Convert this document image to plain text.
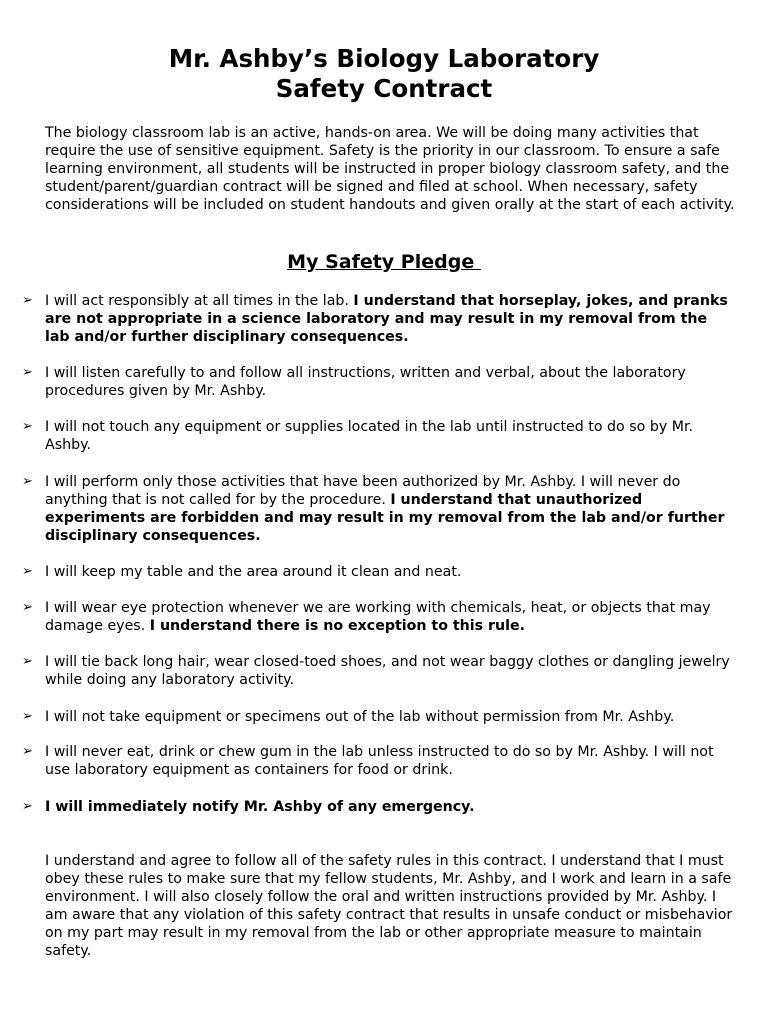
Mr. Ashby’s Biology Laboratory
Safety Contract
The biology classroom lab is an active, hands-on area. We will be doing many activities that require the use of sensitive equipment. Safety is the priority in our classroom. To ensure a safe learning environment, all students will be instructed in proper biology classroom safety, and the student/parent/guardian contract will be signed and filed at school. When necessary, safety considerations will be included on student handouts and given orally at the start of each activity.
My Safety Pledge
➢ I will act responsibly at all times in the lab. I understand that horseplay, jokes, and pranks are not appropriate in a science laboratory and may result in my removal from the lab and/or further disciplinary consequences.
➢ I will listen carefully to and follow all instructions, written and verbal, about the laboratory procedures given by Mr. Ashby.
➢ I will not touch any equipment or supplies located in the lab until instructed to do so by Mr. Ashby.
➢ I will perform only those activities that have been authorized by Mr. Ashby. I will never do anything that is not called for by the procedure. I understand that unauthorized experiments are forbidden and may result in my removal from the lab and/or further disciplinary consequences.
➢ I will keep my table and the area around it clean and neat.
➢ I will wear eye protection whenever we are working with chemicals, heat, or objects that may damage eyes. I understand there is no exception to this rule.
➢ I will tie back long hair, wear closed-toed shoes, and not wear baggy clothes or dangling jewelry while doing any laboratory activity.
➢ I will not take equipment or specimens out of the lab without permission from Mr. Ashby.
➢ I will never eat, drink or chew gum in the lab unless instructed to do so by Mr. Ashby. I will not use laboratory equipment as containers for food or drink.
➢ I will immediately notify Mr. Ashby of any emergency.
I understand and agree to follow all of the safety rules in this contract. I understand that I must obey these rules to make sure that my fellow students, Mr. Ashby, and I work and learn in a safe environment. I will also closely follow the oral and written instructions provided by Mr. Ashby. I am aware that any violation of this safety contract that results in unsafe conduct or misbehavior on my part may result in my removal from the lab or other appropriate measure to maintain safety.
